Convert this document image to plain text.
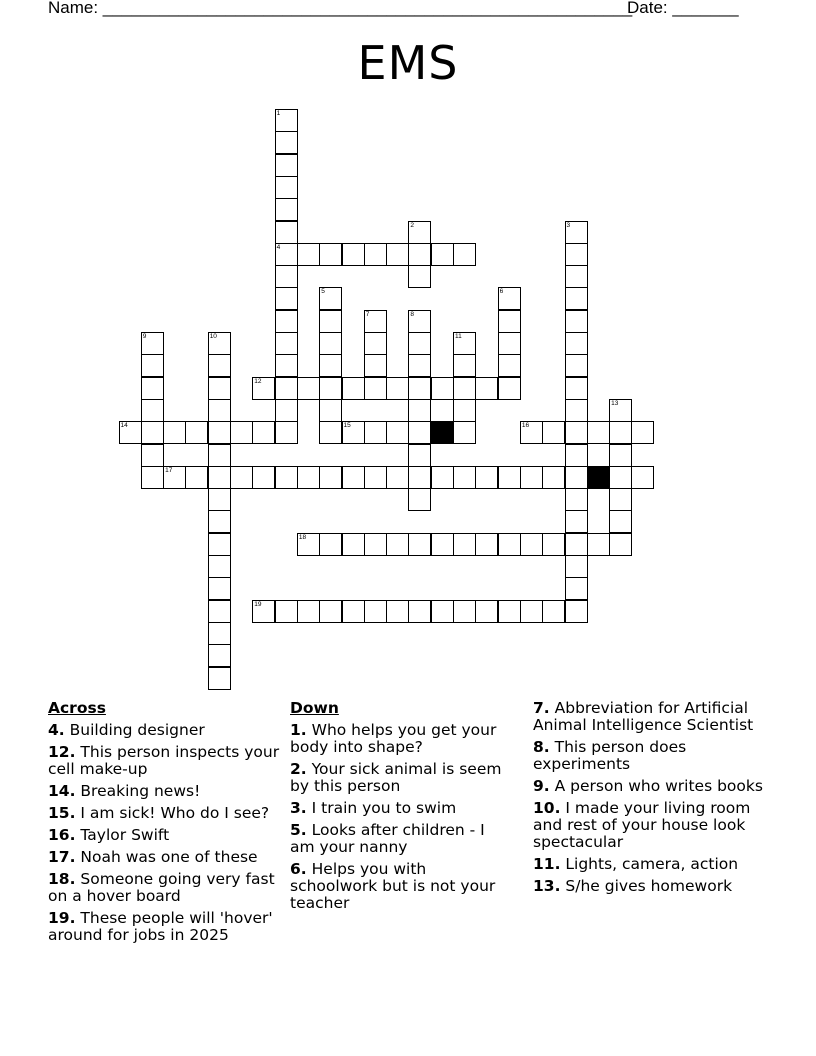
Name: ________________________________________________________
Date: _______
EMS
1
4
2	3
5	6
7	8
9	10	11
12
13
14	15	16
17
18
19
Across
4. Building designer
12. This person inspects your cell make-up
14. Breaking news!
15. I am sick! Who do I see?
16. Taylor Swift
17. Noah was one of these
18. Someone going very fast on a hover board
19. These people will 'hover' around for jobs in 2025
Down
1. Who helps you get your body into shape?
2. Your sick animal is seem by this person
3. I train you to swim
5. Looks after children - I am your nanny
6. Helps you with schoolwork but is not your teacher
7. Abbreviation for Artificial Animal Intelligence Scientist
8. This person does experiments
9. A person who writes books
10. I made your living room and rest of your house look spectacular
11. Lights, camera, action
13. S/he gives homework
